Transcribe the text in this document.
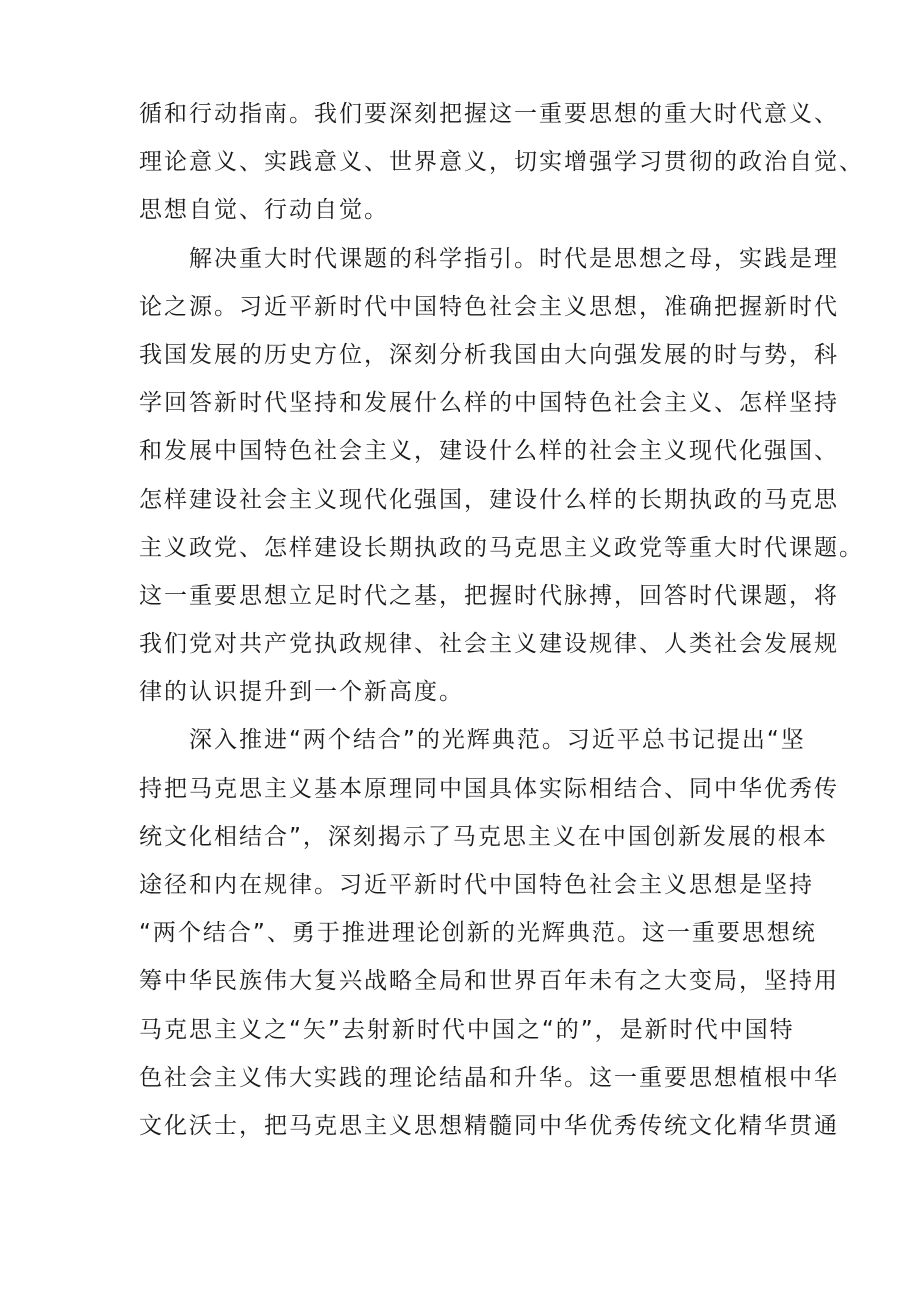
循和行动指南。我们要深刻把握这一重要思想的重大时代意义、
理论意义、实践意义、世界意义，切实增强学习贯彻的政治自觉、
思想自觉、行动自觉。
　　解决重大时代课题的科学指引。时代是思想之母，实践是理
论之源。习近平新时代中国特色社会主义思想，准确把握新时代
我国发展的历史方位，深刻分析我国由大向强发展的时与势，科
学回答新时代坚持和发展什么样的中国特色社会主义、怎样坚持
和发展中国特色社会主义，建设什么样的社会主义现代化强国、
怎样建设社会主义现代化强国，建设什么样的长期执政的马克思
主义政党、怎样建设长期执政的马克思主义政党等重大时代课题。
这一重要思想立足时代之基，把握时代脉搏，回答时代课题，将
我们党对共产党执政规律、社会主义建设规律、人类社会发展规
律的认识提升到一个新高度。
　　深入推进“两个结合”的光辉典范。习近平总书记提出“坚
持把马克思主义基本原理同中国具体实际相结合、同中华优秀传
统文化相结合”，深刻揭示了马克思主义在中国创新发展的根本
途径和内在规律。习近平新时代中国特色社会主义思想是坚持
“两个结合”、勇于推进理论创新的光辉典范。这一重要思想统
筹中华民族伟大复兴战略全局和世界百年未有之大变局，坚持用
马克思主义之“矢”去射新时代中国之“的”，是新时代中国特
色社会主义伟大实践的理论结晶和升华。这一重要思想植根中华
文化沃士，把马克思主义思想精髓同中华优秀传统文化精华贯通
